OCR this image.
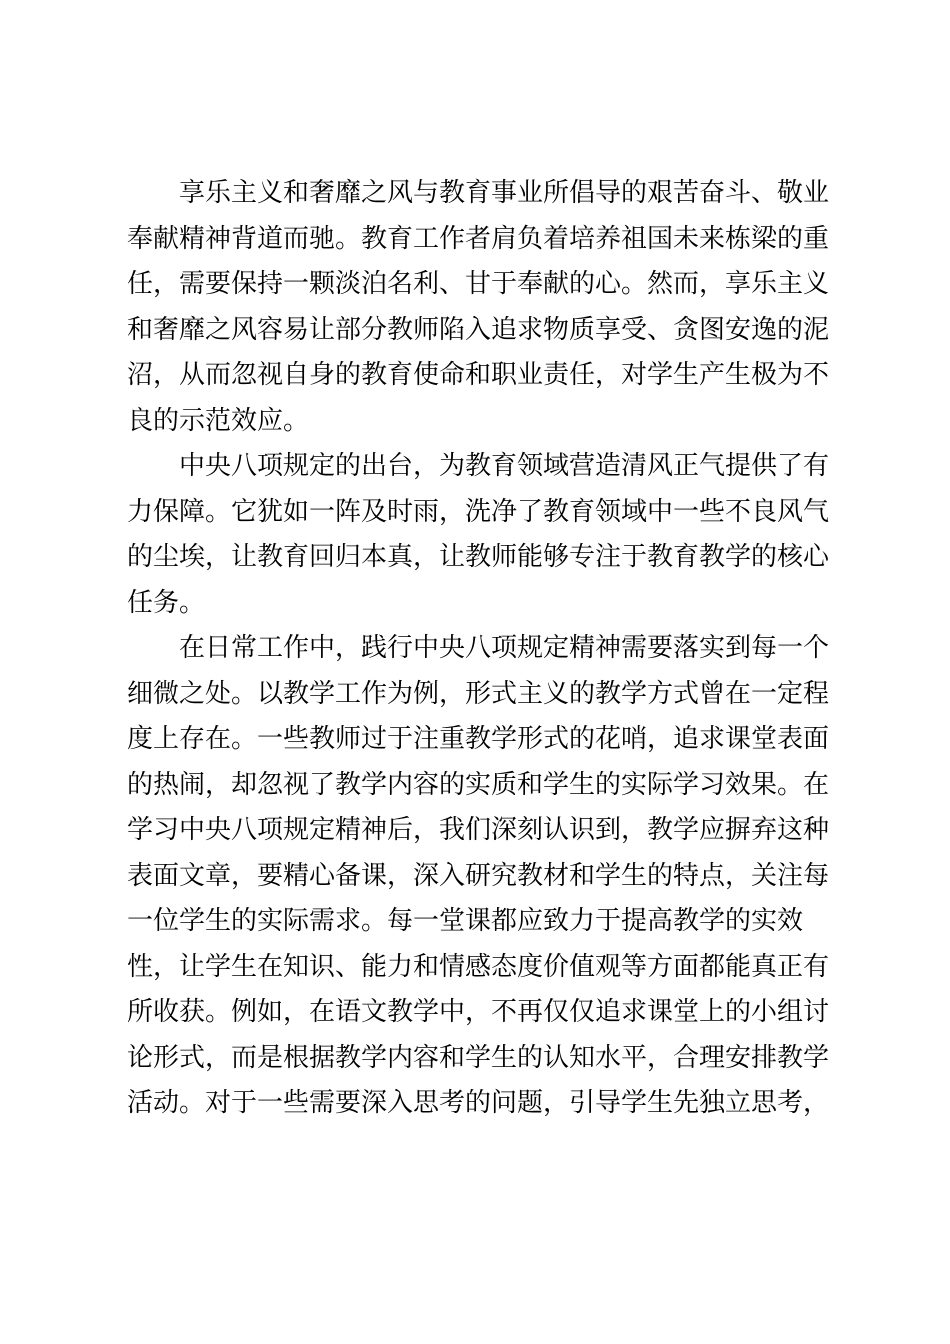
享乐主义和奢靡之风与教育事业所倡导的艰苦奋斗、敬业
奉献精神背道而驰。教育工作者肩负着培养祖国未来栋梁的重
任，需要保持一颗淡泊名利、甘于奉献的心。然而，享乐主义
和奢靡之风容易让部分教师陷入追求物质享受、贪图安逸的泥
沼，从而忽视自身的教育使命和职业责任，对学生产生极为不
良的示范效应。
中央八项规定的出台，为教育领域营造清风正气提供了有
力保障。它犹如一阵及时雨，洗净了教育领域中一些不良风气
的尘埃，让教育回归本真，让教师能够专注于教育教学的核心
任务。
在日常工作中，践行中央八项规定精神需要落实到每一个
细微之处。以教学工作为例，形式主义的教学方式曾在一定程
度上存在。一些教师过于注重教学形式的花哨，追求课堂表面
的热闹，却忽视了教学内容的实质和学生的实际学习效果。在
学习中央八项规定精神后，我们深刻认识到，教学应摒弃这种
表面文章，要精心备课，深入研究教材和学生的特点，关注每
一位学生的实际需求。每一堂课都应致力于提高教学的实效
性，让学生在知识、能力和情感态度价值观等方面都能真正有
所收获。例如，在语文教学中，不再仅仅追求课堂上的小组讨
论形式，而是根据教学内容和学生的认知水平，合理安排教学
活动。对于一些需要深入思考的问题，引导学生先独立思考，
